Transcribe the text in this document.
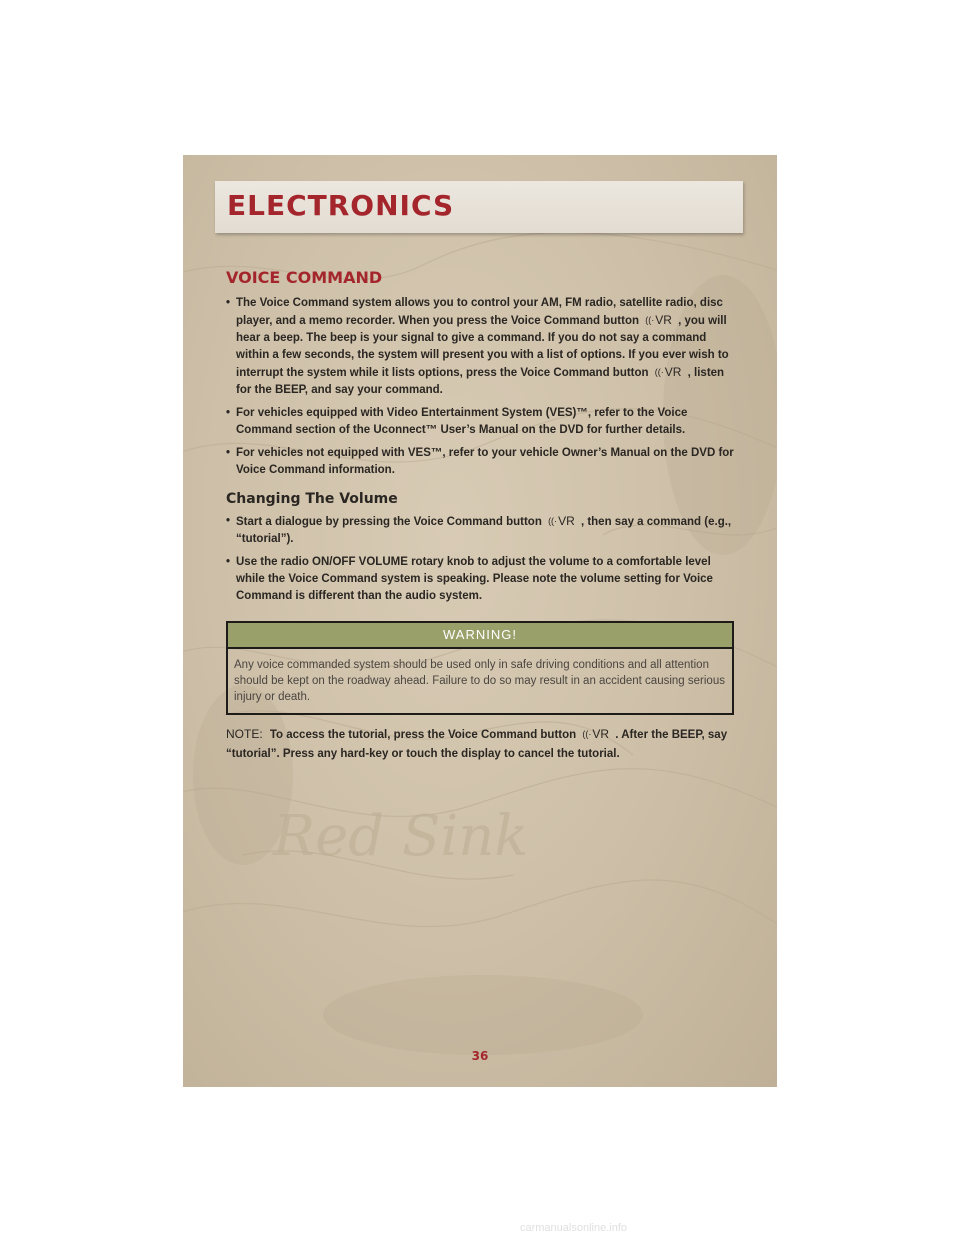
Red Sink
ELECTRONICS
VOICE COMMAND
• The Voice Command system allows you to control your AM, FM radio, satellite radio, disc player, and a memo recorder. When you press the Voice Command button ((·VR , you will hear a beep. The beep is your signal to give a command. If you do not say a command within a few seconds, the system will present you with a list of options. If you ever wish to interrupt the system while it lists options, press the Voice Command button ((·VR , listen for the BEEP, and say your command.
• For vehicles equipped with Video Entertainment System (VES)™, refer to the Voice Command section of the Uconnect™ User’s Manual on the DVD for further details.
• For vehicles not equipped with VES™, refer to your vehicle Owner’s Manual on the DVD for Voice Command information.
Changing The Volume
• Start a dialogue by pressing the Voice Command button ((·VR , then say a command (e.g., “tutorial”).
• Use the radio ON/OFF VOLUME rotary knob to adjust the volume to a comfortable level while the Voice Command system is speaking. Please note the volume setting for Voice Command is different than the audio system.
WARNING!
Any voice commanded system should be used only in safe driving conditions and all attention should be kept on the roadway ahead. Failure to do so may result in an accident causing serious injury or death.
NOTE: To access the tutorial, press the Voice Command button ((·VR . After the BEEP, say “tutorial”. Press any hard-key or touch the display to cancel the tutorial.
36
carmanualsonline.info
